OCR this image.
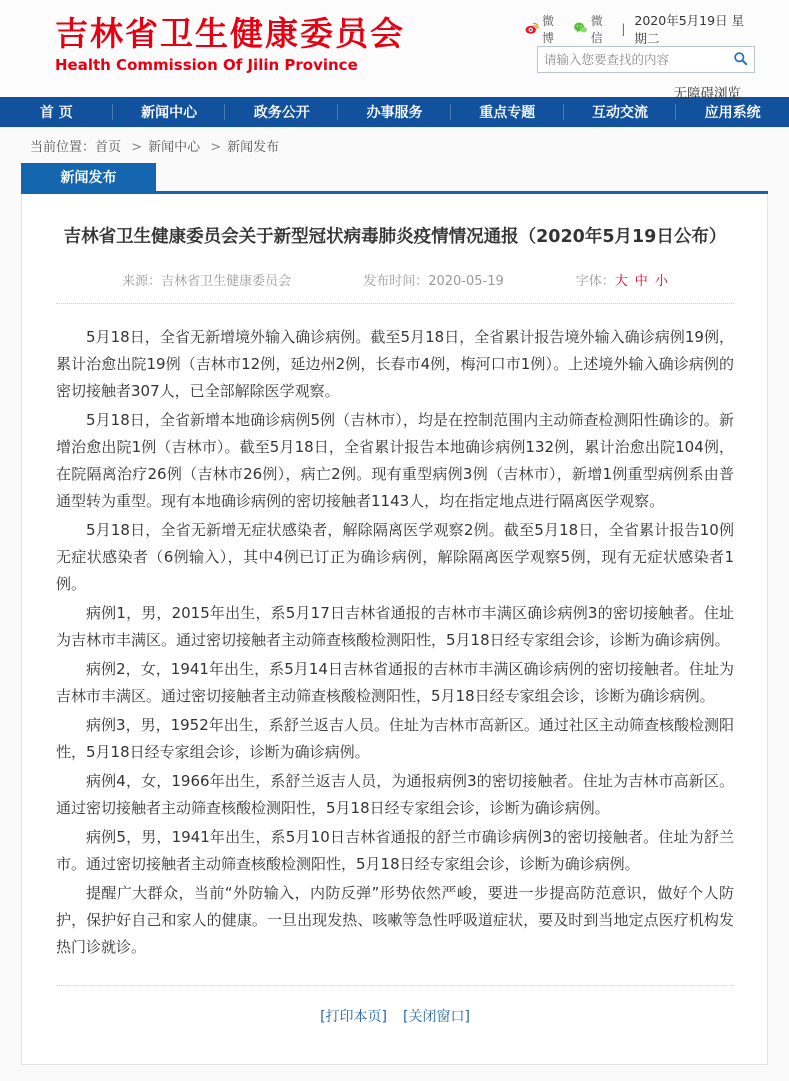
吉林省卫生健康委员会
Health Commission Of Jilin Province
微博
微信
|
2020年5月19日 星期二
请输入您要查找的内容
无障碍浏览
首 页	新闻中心	政务公开	办事服务	重点专题	互动交流	应用系统
当前位置： 首页 > 新闻中心 > 新闻发布
新闻发布
吉林省卫生健康委员会关于新型冠状病毒肺炎疫情情况通报（2020年5月19日公布）
来源：吉林省卫生健康委员会	发布时间：2020-05-19	字体： 大 中 小

5月18日，全省无新增境外输入确诊病例。截至5月18日，全省累计报告境外输入确诊病例19例，累计治愈出院19例（吉林市12例，延边州2例，长春市4例，梅河口市1例）。上述境外输入确诊病例的密切接触者307人，已全部解除医学观察。

5月18日，全省新增本地确诊病例5例（吉林市），均是在控制范围内主动筛查检测阳性确诊的。新增治愈出院1例（吉林市）。截至5月18日，全省累计报告本地确诊病例132例，累计治愈出院104例，在院隔离治疗26例（吉林市26例），病亡2例。现有重型病例3例（吉林市），新增1例重型病例系由普通型转为重型。现有本地确诊病例的密切接触者1143人，均在指定地点进行隔离医学观察。

5月18日，全省无新增无症状感染者，解除隔离医学观察2例。截至5月18日，全省累计报告10例无症状感染者（6例输入），其中4例已订正为确诊病例，解除隔离医学观察5例，现有无症状感染者1例。

病例1，男，2015年出生，系5月17日吉林省通报的吉林市丰满区确诊病例3的密切接触者。住址为吉林市丰满区。通过密切接触者主动筛查核酸检测阳性，5月18日经专家组会诊，诊断为确诊病例。

病例2，女，1941年出生，系5月14日吉林省通报的吉林市丰满区确诊病例的密切接触者。住址为吉林市丰满区。通过密切接触者主动筛查核酸检测阳性，5月18日经专家组会诊，诊断为确诊病例。

病例3，男，1952年出生，系舒兰返吉人员。住址为吉林市高新区。通过社区主动筛查核酸检测阳性，5月18日经专家组会诊，诊断为确诊病例。

病例4，女，1966年出生，系舒兰返吉人员，为通报病例3的密切接触者。住址为吉林市高新区。通过密切接触者主动筛查核酸检测阳性，5月18日经专家组会诊，诊断为确诊病例。

病例5，男，1941年出生，系5月10日吉林省通报的舒兰市确诊病例3的密切接触者。住址为舒兰市。通过密切接触者主动筛查核酸检测阳性，5月18日经专家组会诊，诊断为确诊病例。

提醒广大群众，当前“外防输入，内防反弹”形势依然严峻，要进一步提高防范意识，做好个人防护，保护好自己和家人的健康。一旦出现发热、咳嗽等急性呼吸道症状，要及时到当地定点医疗机构发热门诊就诊。

[打印本页] [关闭窗口]
